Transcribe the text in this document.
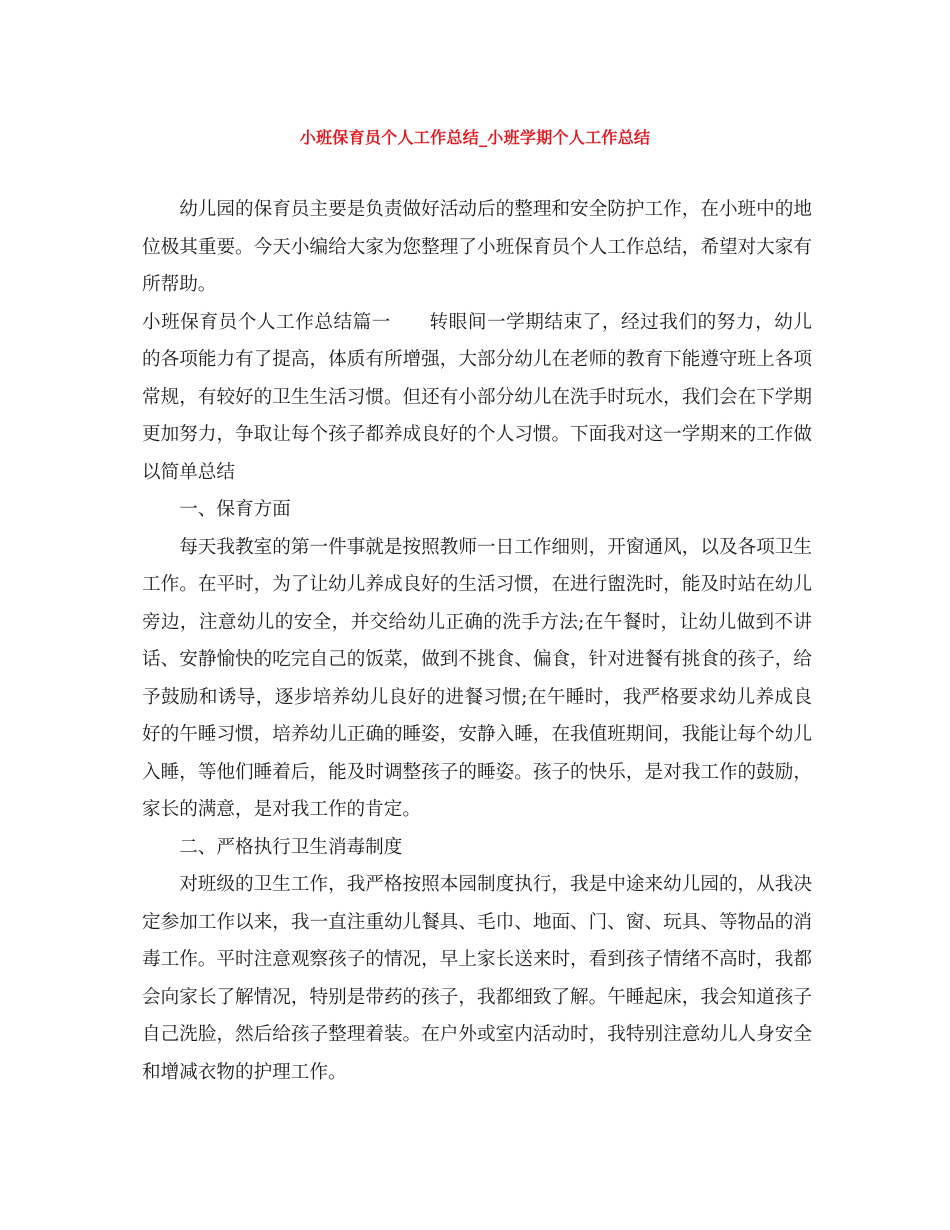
小班保育员个人工作总结_小班学期个人工作总结

幼儿园的保育员主要是负责做好活动后的整理和安全防护工作，在小班中的地位极其重要。今天小编给大家为您整理了小班保育员个人工作总结，希望对大家有所帮助。

小班保育员个人工作总结篇一 转眼间一学期结束了，经过我们的努力，幼儿的各项能力有了提高，体质有所增强，大部分幼儿在老师的教育下能遵守班上各项常规，有较好的卫生生活习惯。但还有小部分幼儿在洗手时玩水，我们会在下学期更加努力，争取让每个孩子都养成良好的个人习惯。下面我对这一学期来的工作做以简单总结

一、保育方面

每天我教室的第一件事就是按照教师一日工作细则，开窗通风，以及各项卫生工作。在平时，为了让幼儿养成良好的生活习惯，在进行盥洗时，能及时站在幼儿旁边，注意幼儿的安全，并交给幼儿正确的洗手方法;在午餐时，让幼儿做到不讲话、安静愉快的吃完自己的饭菜，做到不挑食、偏食，针对进餐有挑食的孩子，给予鼓励和诱导，逐步培养幼儿良好的进餐习惯;在午睡时，我严格要求幼儿养成良好的午睡习惯，培养幼儿正确的睡姿，安静入睡，在我值班期间，我能让每个幼儿入睡，等他们睡着后，能及时调整孩子的睡姿。孩子的快乐，是对我工作的鼓励，家长的满意，是对我工作的肯定。

二、严格执行卫生消毒制度

对班级的卫生工作，我严格按照本园制度执行，我是中途来幼儿园的，从我决定参加工作以来，我一直注重幼儿餐具、毛巾、地面、门、窗、玩具、等物品的消毒工作。平时注意观察孩子的情况，早上家长送来时，看到孩子情绪不高时，我都会向家长了解情况，特别是带药的孩子，我都细致了解。午睡起床，我会知道孩子自己洗脸，然后给孩子整理着装。在户外或室内活动时，我特别注意幼儿人身安全和增减衣物的护理工作。
